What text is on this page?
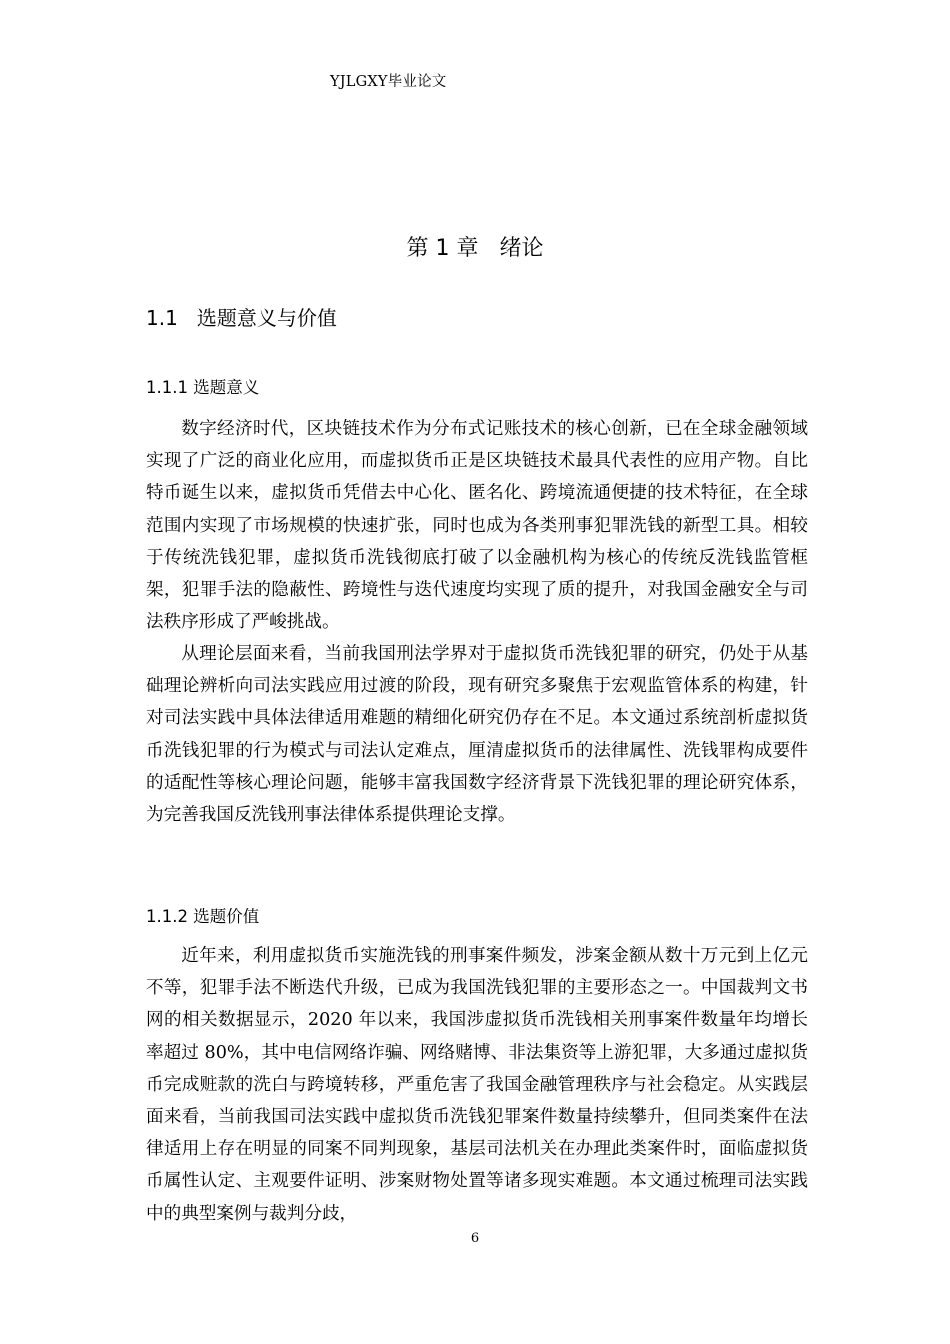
YJLGXY毕业论文
第 1 章   绪论
1.1   选题意义与价值
1.1.1 选题意义

数字经济时代，区块链技术作为分布式记账技术的核心创新，已在全球金融领域实现了广泛的商业化应用，而虚拟货币正是区块链技术最具代表性的应用产物。自比特币诞生以来，虚拟货币凭借去中心化、匿名化、跨境流通便捷的技术特征，在全球范围内实现了市场规模的快速扩张，同时也成为各类刑事犯罪洗钱的新型工具。相较于传统洗钱犯罪，虚拟货币洗钱彻底打破了以金融机构为核心的传统反洗钱监管框架，犯罪手法的隐蔽性、跨境性与迭代速度均实现了质的提升，对我国金融安全与司法秩序形成了严峻挑战。

从理论层面来看，当前我国刑法学界对于虚拟货币洗钱犯罪的研究，仍处于从基础理论辨析向司法实践应用过渡的阶段，现有研究多聚焦于宏观监管体系的构建，针对司法实践中具体法律适用难题的精细化研究仍存在不足。本文通过系统剖析虚拟货币洗钱犯罪的行为模式与司法认定难点，厘清虚拟货币的法律属性、洗钱罪构成要件的适配性等核心理论问题，能够丰富我国数字经济背景下洗钱犯罪的理论研究体系，为完善我国反洗钱刑事法律体系提供理论支撑。

1.1.2 选题价值

近年来，利用虚拟货币实施洗钱的刑事案件频发，涉案金额从数十万元到上亿元不等，犯罪手法不断迭代升级，已成为我国洗钱犯罪的主要形态之一。中国裁判文书网的相关数据显示，2020 年以来，我国涉虚拟货币洗钱相关刑事案件数量年均增长率超过 80%，其中电信网络诈骗、网络赌博、非法集资等上游犯罪，大多通过虚拟货币完成赃款的洗白与跨境转移，严重危害了我国金融管理秩序与社会稳定。从实践层面来看，当前我国司法实践中虚拟货币洗钱犯罪案件数量持续攀升，但同类案件在法律适用上存在明显的同案不同判现象，基层司法机关在办理此类案件时，面临虚拟货币属性认定、主观要件证明、涉案财物处置等诸多现实难题。本文通过梳理司法实践中的典型案例与裁判分歧，

6
